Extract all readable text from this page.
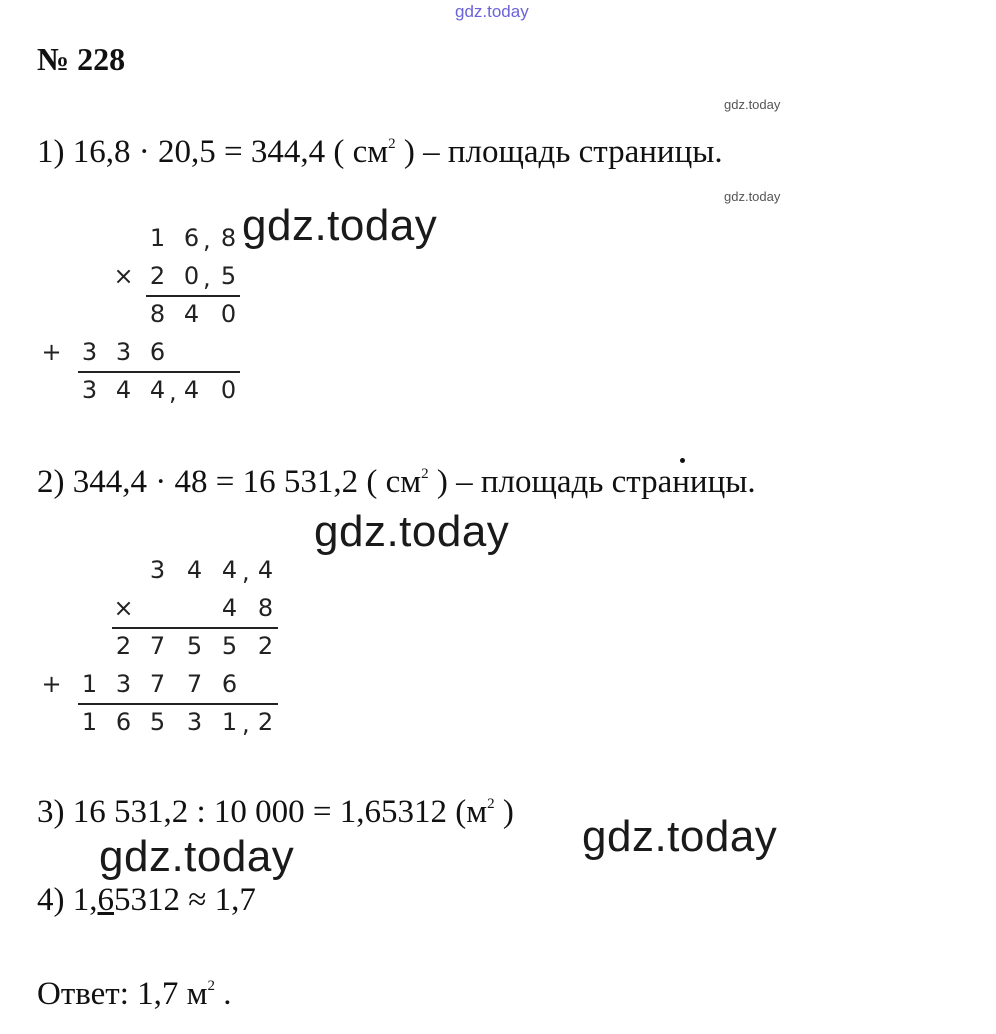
gdz.today
gdz.today
gdz.today
gdz.today
gdz.today
gdz.today
gdz.today
№ 228
1) 16,8 · 20,5 = 344,4 ( $см^2$ ) – площадь страницы.
1 6 , 8
× 2 0 , 5
8 4 0
+ 3 3 6
3 4 4 , 4 0
2) 344,4 · 48 = 16 531,2 ( $см^2$ ) – площадь страницы.
3 4 4 , 4
×	4 8
2 7 5 5 2
+ 1 3 7 7 6
1 6 5 3 1 , 2
3) 16 531,2 : 10 000 = 1,65312 ($м^2$ )
4) 1,65312 ≈ 1,7
Ответ: 1,7 $м^2$ .
